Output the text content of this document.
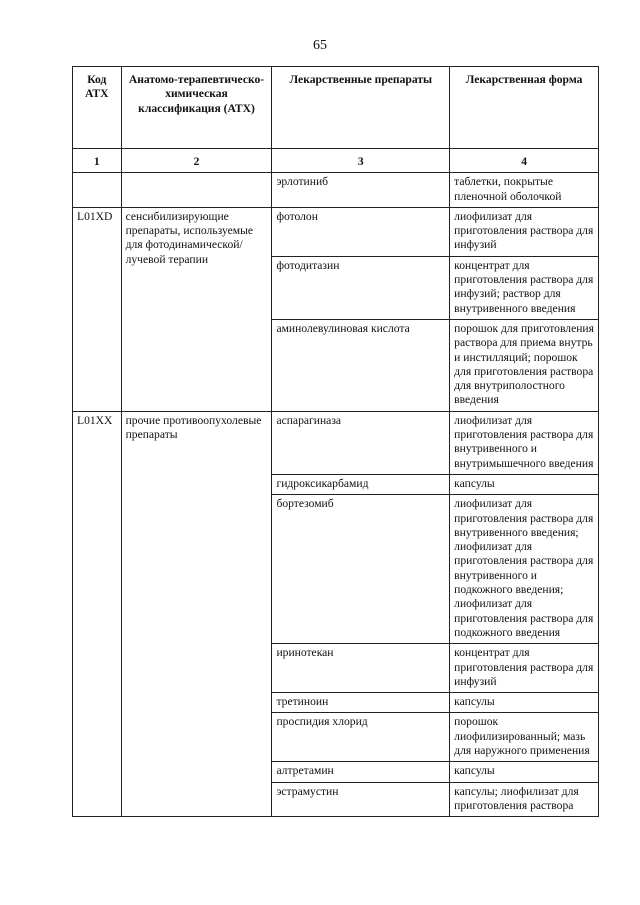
65
Код АТХ	Анатомо-терапевтическо-химическая классификация (АТХ)	Лекарственные препараты	Лекарственная форма
1	2	3	4
		эрлотиниб	таблетки, покрытые пленочной оболочкой
L01XD	сенсибилизирующие препараты, используемые для фотодинамической/лучевой терапии	фотолон	лиофилизат для приготовления раствора для инфузий
		фотодитазин	концентрат для приготовления раствора для инфузий; раствор для внутривенного введения
		аминолевулиновая кислота	порошок для приготовления раствора для приема внутрь и инстилляций; порошок для приготовления раствора для внутриполостного введения
L01XX	прочие противоопухолевые препараты	аспарагиназа	лиофилизат для приготовления раствора для внутривенного и внутримышечного введения
		гидроксикарбамид	капсулы
		бортезомиб	лиофилизат для приготовления раствора для внутривенного введения; лиофилизат для приготовления раствора для внутривенного и подкожного введения; лиофилизат для приготовления раствора для подкожного введения
		иринотекан	концентрат для приготовления раствора для инфузий
		третиноин	капсулы
		проспидия хлорид	порошок лиофилизированный; мазь для наружного применения
		алтретамин	капсулы
		эстрамустин	капсулы; лиофилизат для приготовления раствора
